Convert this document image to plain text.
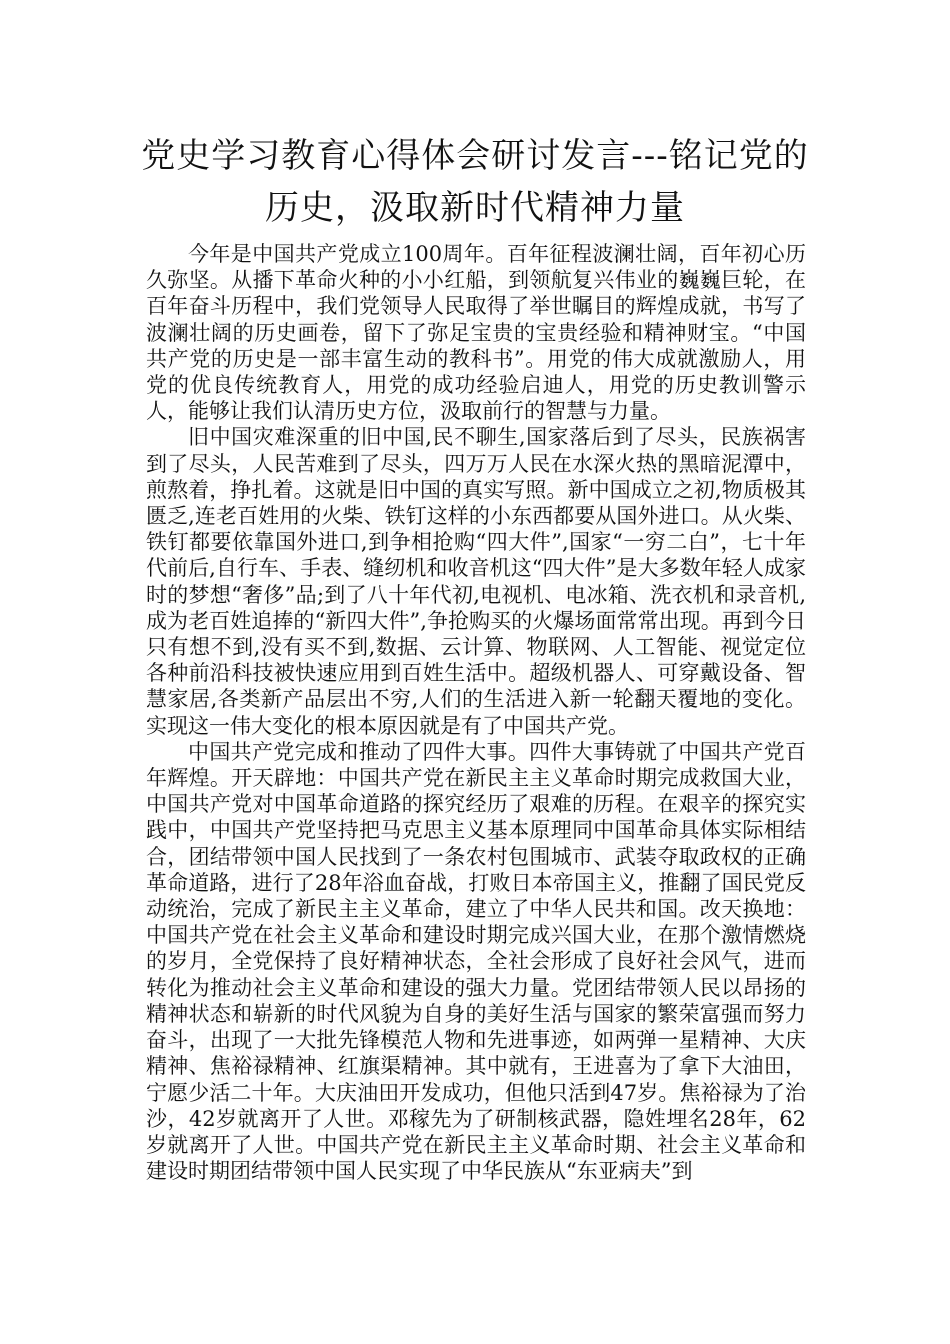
党史学习教育心得体会研讨发言---铭记党的历史，汲取新时代精神力量

今年是中国共产党成立100周年。百年征程波澜壮阔，百年初心历久弥坚。从播下革命火种的小小红船，到领航复兴伟业的巍巍巨轮，在百年奋斗历程中，我们党领导人民取得了举世瞩目的辉煌成就，书写了波澜壮阔的历史画卷，留下了弥足宝贵的宝贵经验和精神财宝。“中国共产党的历史是一部丰富生动的教科书”。用党的伟大成就激励人，用党的优良传统教育人，用党的成功经验启迪人，用党的历史教训警示人，能够让我们认清历史方位，汲取前行的智慧与力量。

旧中国灾难深重的旧中国,民不聊生,国家落后到了尽头，民族祸害到了尽头，人民苦难到了尽头，四万万人民在水深火热的黑暗泥潭中，煎熬着，挣扎着。这就是旧中国的真实写照。新中国成立之初,物质极其匮乏,连老百姓用的火柴、铁钉这样的小东西都要从国外进口。从火柴、铁钉都要依靠国外进口,到争相抢购“四大件”,国家“一穷二白”，七十年代前后,自行车、手表、缝纫机和收音机这“四大件”是大多数年轻人成家时的梦想“奢侈”品;到了八十年代初,电视机、电冰箱、洗衣机和录音机,成为老百姓追捧的“新四大件”,争抢购买的火爆场面常常出现。再到今日只有想不到,没有买不到,数据、云计算、物联网、人工智能、视觉定位各种前沿科技被快速应用到百姓生活中。超级机器人、可穿戴设备、智慧家居,各类新产品层出不穷,人们的生活进入新一轮翻天覆地的变化。实现这一伟大变化的根本原因就是有了中国共产党。

中国共产党完成和推动了四件大事。四件大事铸就了中国共产党百年辉煌。开天辟地：中国共产党在新民主主义革命时期完成救国大业，中国共产党对中国革命道路的探究经历了艰难的历程。在艰辛的探究实践中，中国共产党坚持把马克思主义基本原理同中国革命具体实际相结合，团结带领中国人民找到了一条农村包围城市、武装夺取政权的正确革命道路，进行了28年浴血奋战，打败日本帝国主义，推翻了国民党反动统治，完成了新民主主义革命，建立了中华人民共和国。改天换地：中国共产党在社会主义革命和建设时期完成兴国大业，在那个激情燃烧的岁月，全党保持了良好精神状态，全社会形成了良好社会风气，进而转化为推动社会主义革命和建设的强大力量。党团结带领人民以昂扬的精神状态和崭新的时代风貌为自身的美好生活与国家的繁荣富强而努力奋斗，出现了一大批先锋模范人物和先进事迹，如两弹一星精神、大庆精神、焦裕禄精神、红旗渠精神。其中就有，王进喜为了拿下大油田，宁愿少活二十年。大庆油田开发成功，但他只活到47岁。焦裕禄为了治沙，42岁就离开了人世。邓稼先为了研制核武器，隐姓埋名28年，62岁就离开了人世。中国共产党在新民主主义革命时期、社会主义革命和建设时期团结带领中国人民实现了中华民族从“东亚病夫”到
